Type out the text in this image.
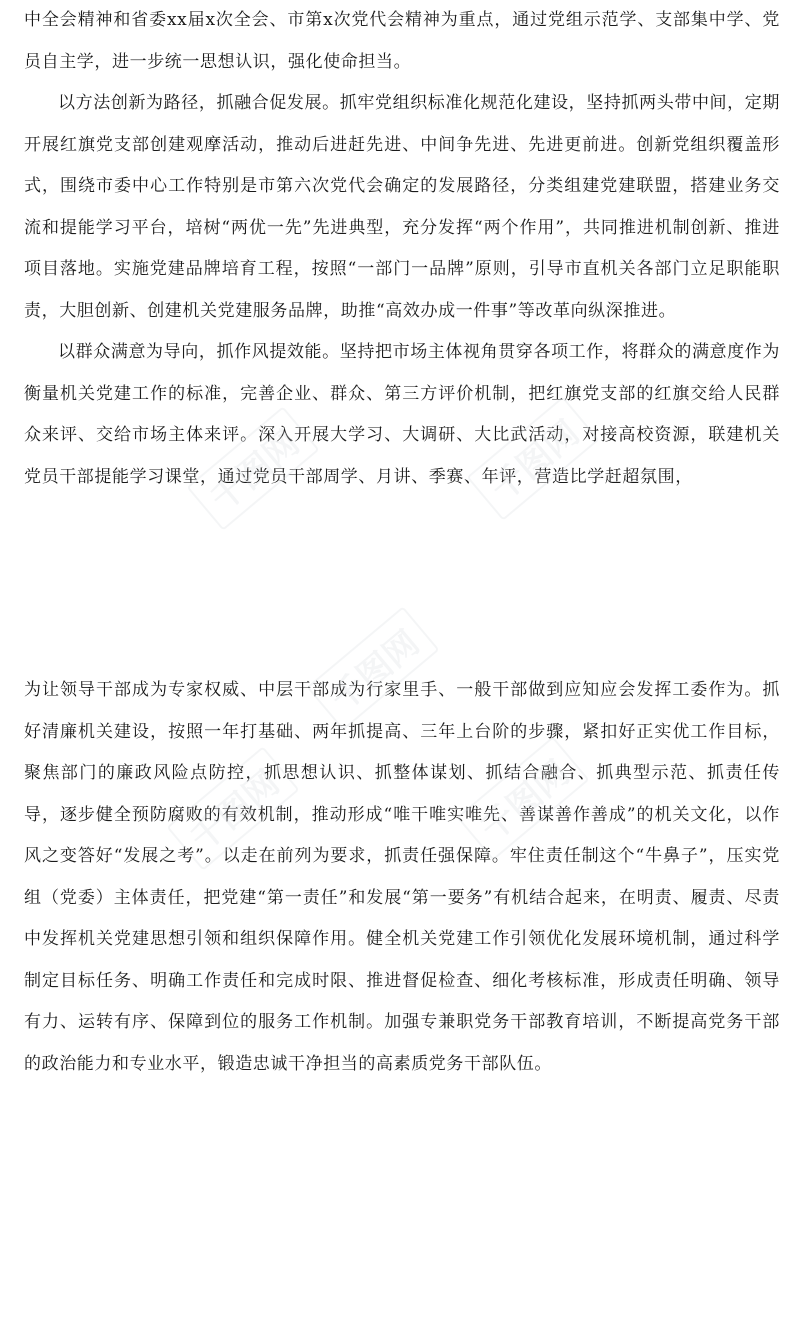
中全会精神和省委xx届x次全会、市第x次党代会精神为重点，通过党组示范学、支部集中学、党员自主学，进一步统一思想认识，强化使命担当。

以方法创新为路径，抓融合促发展。抓牢党组织标准化规范化建设，坚持抓两头带中间，定期开展红旗党支部创建观摩活动，推动后进赶先进、中间争先进、先进更前进。创新党组织覆盖形式，围绕市委中心工作特别是市第六次党代会确定的发展路径，分类组建党建联盟，搭建业务交流和提能学习平台，培树“两优一先”先进典型，充分发挥“两个作用”，共同推进机制创新、推进项目落地。实施党建品牌培育工程，按照“一部门一品牌”原则，引导市直机关各部门立足职能职责，大胆创新、创建机关党建服务品牌，助推“高效办成一件事”等改革向纵深推进。

以群众满意为导向，抓作风提效能。坚持把市场主体视角贯穿各项工作，将群众的满意度作为衡量机关党建工作的标准，完善企业、群众、第三方评价机制，把红旗党支部的红旗交给人民群众来评、交给市场主体来评。深入开展大学习、大调研、大比武活动，对接高校资源，联建机关党员干部提能学习课堂，通过党员干部周学、月讲、季赛、年评，营造比学赶超氛围，

为让领导干部成为专家权威、中层干部成为行家里手、一般干部做到应知应会发挥工委作为。抓好清廉机关建设，按照一年打基础、两年抓提高、三年上台阶的步骤，紧扣好正实优工作目标，聚焦部门的廉政风险点防控，抓思想认识、抓整体谋划、抓结合融合、抓典型示范、抓责任传导，逐步健全预防腐败的有效机制，推动形成“唯干唯实唯先、善谋善作善成”的机关文化，以作风之变答好“发展之考”。以走在前列为要求，抓责任强保障。牢住责任制这个“牛鼻子”，压实党组（党委）主体责任，把党建“第一责任”和发展“第一要务”有机结合起来，在明责、履责、尽责中发挥机关党建思想引领和组织保障作用。健全机关党建工作引领优化发展环境机制，通过科学制定目标任务、明确工作责任和完成时限、推进督促检查、细化考核标准，形成责任明确、领导有力、运转有序、保障到位的服务工作机制。加强专兼职党务干部教育培训，不断提高党务干部的政治能力和专业水平，锻造忠诚干净担当的高素质党务干部队伍。

千图网	千图网
千图网
千图网	千图网
